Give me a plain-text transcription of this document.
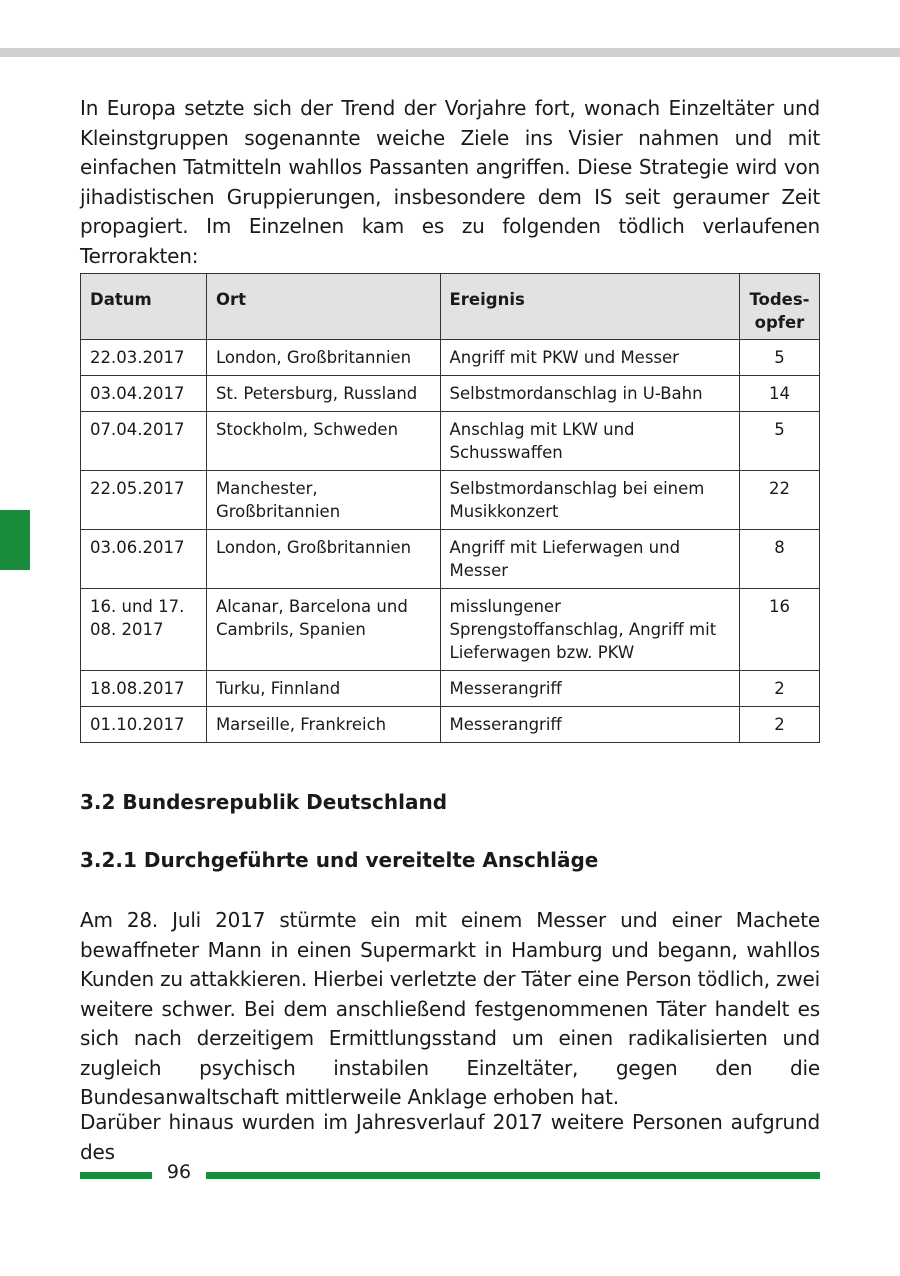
In Europa setzte sich der Trend der Vorjahre fort, wonach Einzeltäter und Kleinstgruppen sogenannte weiche Ziele ins Visier nahmen und mit einfachen Tatmitteln wahllos Passanten angriffen. Diese Strategie wird von jihadistischen Gruppierungen, insbesondere dem IS seit geraumer Zeit propagiert. Im Einzelnen kam es zu folgenden tödlich verlaufenen Terrorakten:

Datum	Ort	Ereignis	Todes-
opfer
22.03.2017	London, Großbritannien	Angriff mit PKW und Messer	5
03.04.2017	St. Petersburg, Russland	Selbstmordanschlag in U-Bahn	14
07.04.2017	Stockholm, Schweden	Anschlag mit LKW und Schusswaffen	5
22.05.2017	Manchester, Großbritannien	Selbstmordanschlag bei einem Musikkonzert	22
03.06.2017	London, Großbritannien	Angriff mit Lieferwagen und Messer	8
16. und 17. 08. 2017	Alcanar, Barcelona und Cambrils, Spanien	misslungener Sprengstoffanschlag, Angriff mit Lieferwagen bzw. PKW	16
18.08.2017	Turku, Finnland	Messerangriff	2
01.10.2017	Marseille, Frankreich	Messerangriff	2
3.2 Bundesrepublik Deutschland
3.2.1 Durchgeführte und vereitelte Anschläge

Am 28. Juli 2017 stürmte ein mit einem Messer und einer Machete bewaffneter Mann in einen Supermarkt in Hamburg und begann, wahllos Kunden zu attakkieren. Hierbei verletzte der Täter eine Person tödlich, zwei weitere schwer. Bei dem anschließend festgenommenen Täter handelt es sich nach derzeitigem Ermittlungsstand um einen radikalisierten und zugleich psychisch instabilen Einzeltäter, gegen den die Bundesanwaltschaft mittlerweile Anklage erhoben hat.

Darüber hinaus wurden im Jahresverlauf 2017 weitere Personen aufgrund des

96
